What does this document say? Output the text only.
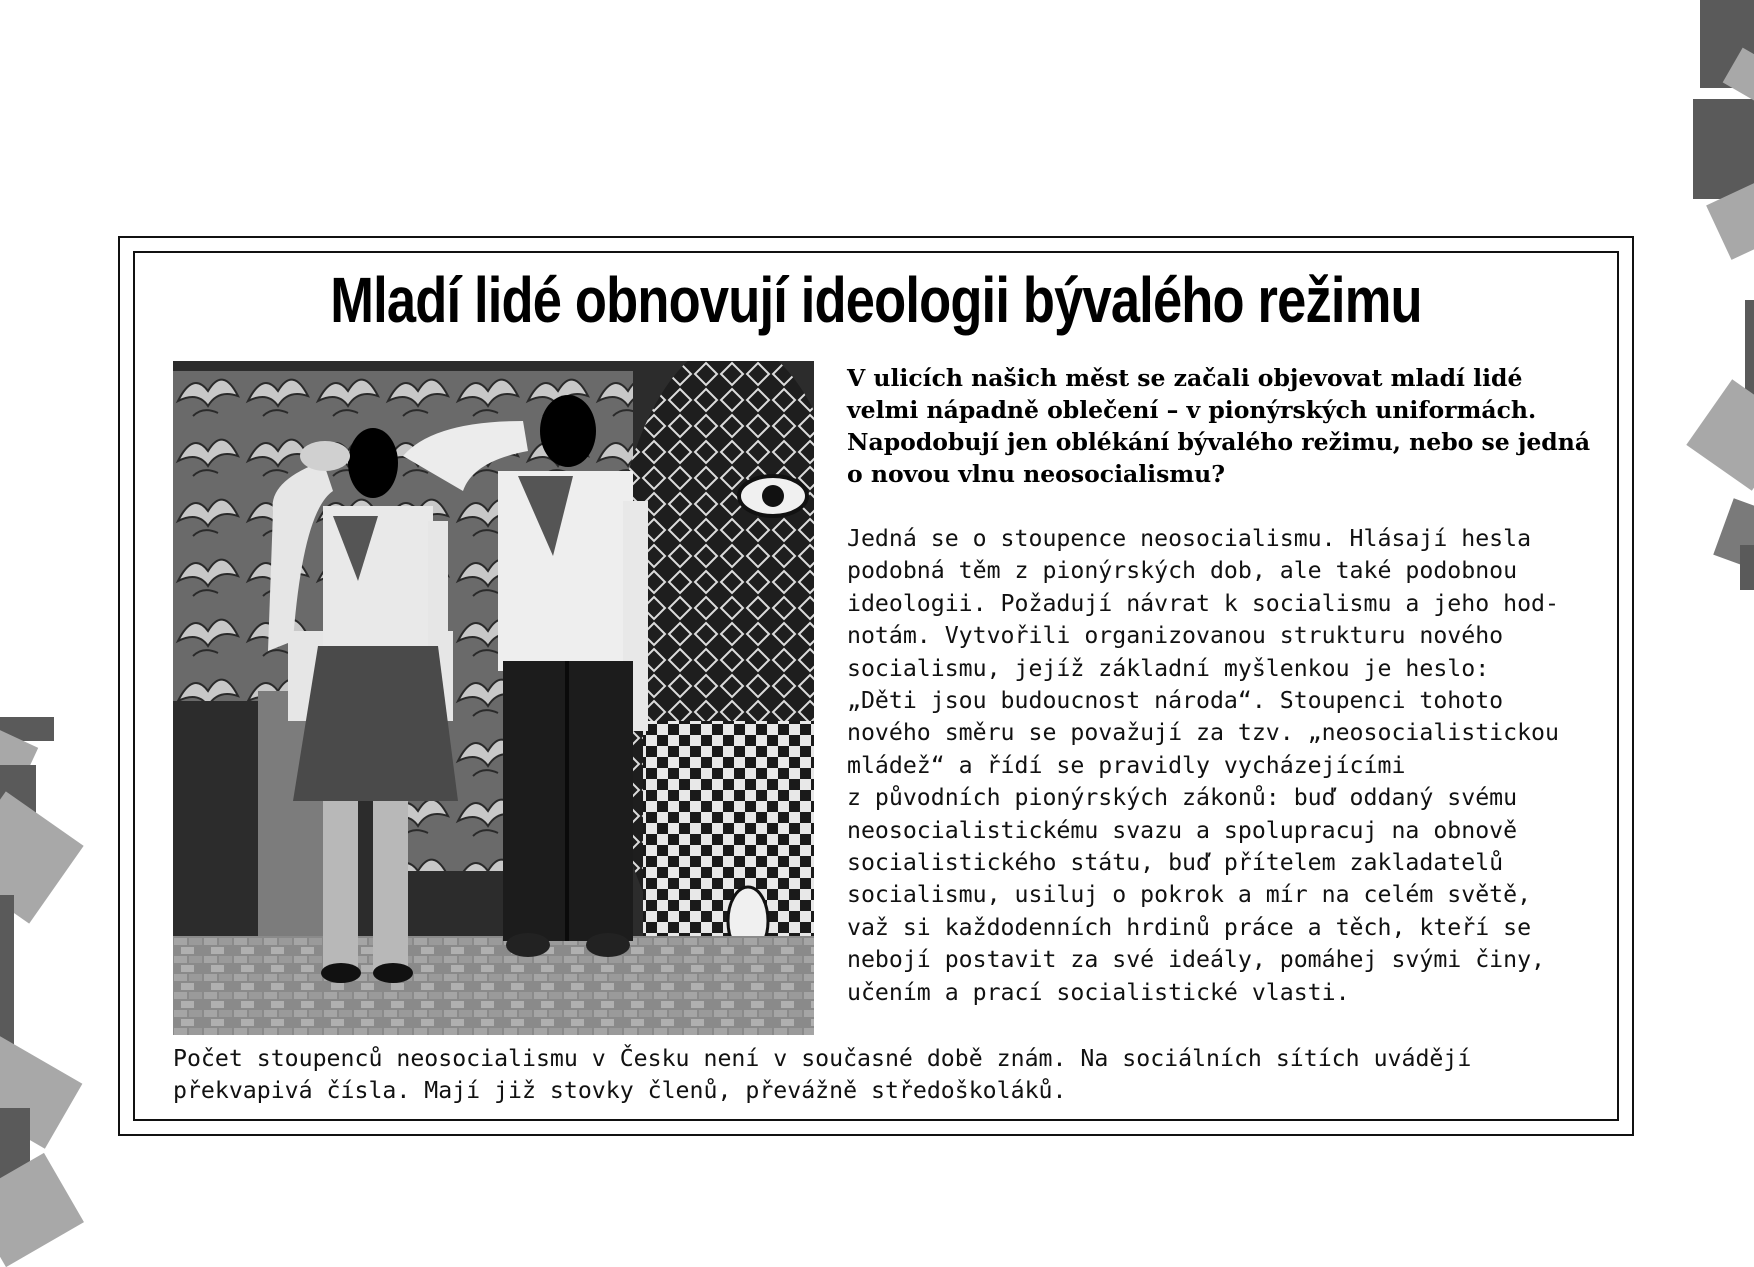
Mladí lidé obnovují ideologii bývalého režimu
V ulicích našich měst se začali objevovat mladí lidé velmi nápadně oblečení – v pionýrských uniformách. Napodobují jen oblékání bývalého režimu, nebo se jedná o novou vlnu neosocialismu?
Jedná se o stoupence neosocialismu. Hlásají hesla
podobná těm z pionýrských dob, ale také podobnou
ideologii. Požadují návrat k socialismu a jeho hod-
notám. Vytvořili organizovanou strukturu nového
socialismu, jejíž základní myšlenkou je heslo:
„Děti jsou budoucnost národa“. Stoupenci tohoto
nového směru se považují za tzv. „neosocialistickou
mládež“ a řídí se pravidly vycházejícími
z původních pionýrských zákonů: buď oddaný svému
neosocialistickému svazu a spolupracuj na obnově
socialistického státu, buď přítelem zakladatelů
socialismu, usiluj o pokrok a mír na celém světě,
važ si každodenních hrdinů práce a těch, kteří se
nebojí postavit za své ideály, pomáhej svými činy,
učením a prací socialistické vlasti.
Počet stoupenců neosocialismu v Česku není v současné době znám. Na sociálních sítích uvádějí
překvapivá čísla. Mají již stovky členů, převážně středoškoláků.
